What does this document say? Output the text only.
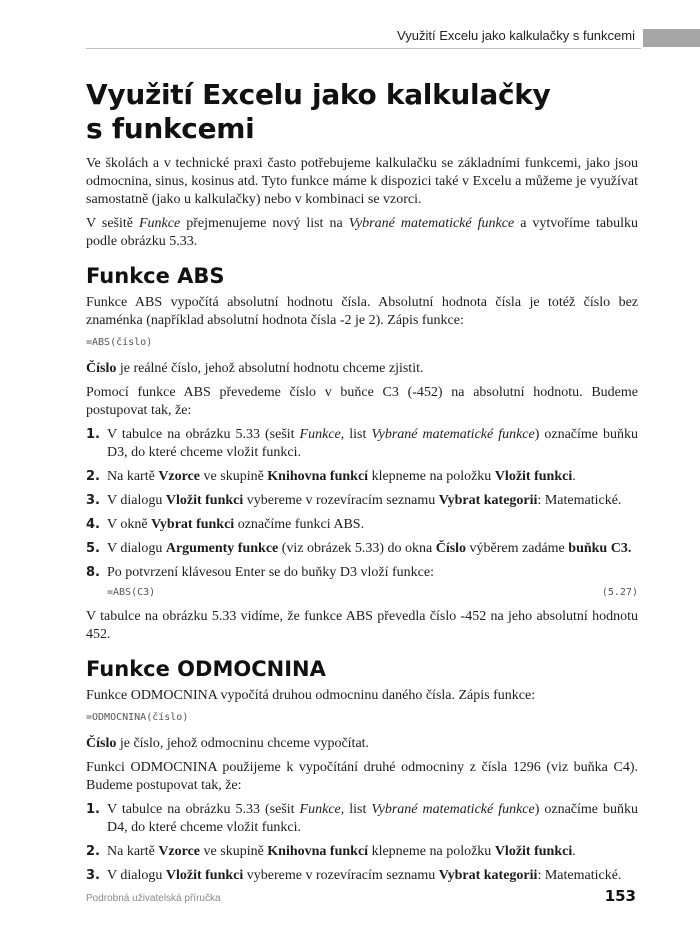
Využití Excelu jako kalkulačky s funkcemi
Využití Excelu jako kalkulačky
s funkcemi

Ve školách a v technické praxi často potřebujeme kalkulačku se základními funkcemi, jako jsou odmocnina, sinus, kosinus atd. Tyto funkce máme k dispozici také v Excelu a můžeme je využívat samostatně (jako u kalkulačky) nebo v kombinaci se vzorci.

V sešitě Funkce přejmenujeme nový list na Vybrané matematické funkce a vytvoříme tabulku podle obrázku 5.33.

Funkce ABS

Funkce ABS vypočítá absolutní hodnotu čísla. Absolutní hodnota čísla je totéž číslo bez znaménka (například absolutní hodnota čísla -2 je 2). Zápis funkce:

=ABS(číslo)

Číslo je reálné číslo, jehož absolutní hodnotu chceme zjistit.

Pomocí funkce ABS převedeme číslo v buňce C3 (-452) na absolutní hodnotu. Budeme postupovat tak, že:

1. V tabulce na obrázku 5.33 (sešit Funkce, list Vybrané matematické funkce) označíme buňku D3, do které chceme vložit funkci.
2. Na kartě Vzorce ve skupině Knihovna funkcí klepneme na položku Vložit funkci.
3. V dialogu Vložit funkci vybereme v rozevíracím seznamu Vybrat kategorii: Matematické.
4. V okně Vybrat funkci označíme funkci ABS.
5. V dialogu Argumenty funkce (viz obrázek 5.33) do okna Číslo výběrem zadáme buňku C3.
8. Po potvrzení klávesou Enter se do buňky D3 vloží funkce:
=ABS(C3)	(5.27)

V tabulce na obrázku 5.33 vidíme, že funkce ABS převedla číslo -452 na jeho absolutní hodnotu 452.

Funkce ODMOCNINA

Funkce ODMOCNINA vypočítá druhou odmocninu daného čísla. Zápis funkce:

=ODMOCNINA(číslo)

Číslo je číslo, jehož odmocninu chceme vypočítat.

Funkci ODMOCNINA použijeme k vypočítání druhé odmocniny z čísla 1296 (viz buňka C4). Budeme postupovat tak, že:

1. V tabulce na obrázku 5.33 (sešit Funkce, list Vybrané matematické funkce) označíme buňku D4, do které chceme vložit funkci.
2. Na kartě Vzorce ve skupině Knihovna funkcí klepneme na položku Vložit funkci.
3. V dialogu Vložit funkci vybereme v rozevíracím seznamu Vybrat kategorii: Matematické.
Podrobná uživatelská příručka	153
